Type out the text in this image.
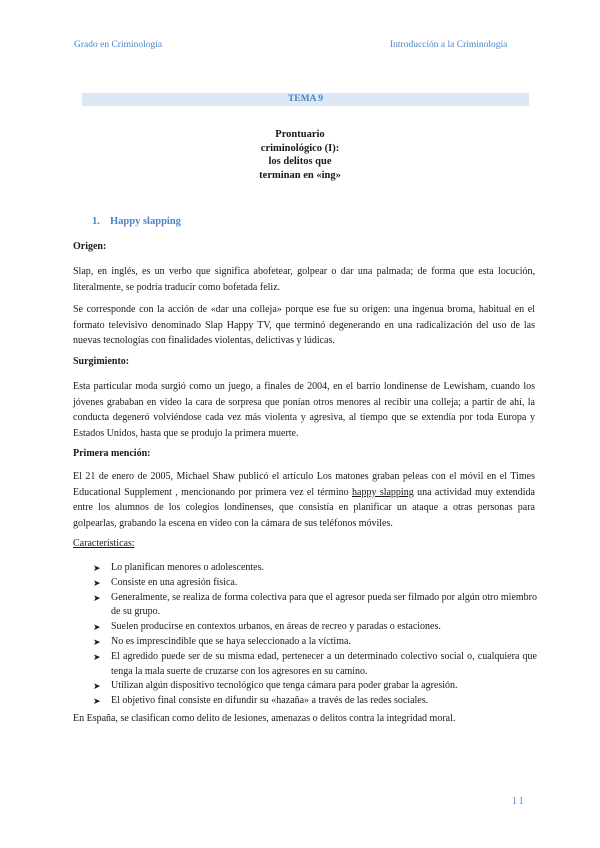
Grado en Criminología	Introducción a la Criminología
TEMA 9
Prontuario
criminológico (I):
los delitos que
terminan en «ing»
1. Happy slapping
Origen:
Slap, en inglés, es un verbo que significa abofetear, golpear o dar una palmada; de forma que esta locución, literalmente, se podría traducir como bofetada feliz.
Se corresponde con la acción de «dar una colleja» porque ese fue su origen: una ingenua broma, habitual en el formato televisivo denominado Slap Happy TV, que terminó degenerando en una radicalización del uso de las nuevas tecnologías con finalidades violentas, delictivas y lúdicas.
Surgimiento:
Esta particular moda surgió como un juego, a finales de 2004, en el barrio londinense de Lewisham, cuando los jóvenes grababan en vídeo la cara de sorpresa que ponían otros menores al recibir una colleja; a partir de ahí, la conducta degeneró volviéndose cada vez más violenta y agresiva, al tiempo que se extendía por toda Europa y Estados Unidos, hasta que se produjo la primera muerte.
Primera mención:
El 21 de enero de 2005, Michael Shaw publicó el artículo Los matones graban peleas con el móvil en el Times Educational Supplement , mencionando por primera vez el término happy slapping una actividad muy extendida entre los alumnos de los colegios londinenses, que consistía en planificar un ataque a otras personas para golpearlas, grabando la escena en vídeo con la cámara de sus teléfonos móviles.
Características:
➤ Lo planifican menores o adolescentes.
➤ Consiste en una agresión física.
➤ Generalmente, se realiza de forma colectiva para que el agresor pueda ser filmado por algún otro miembro de su grupo.
➤ Suelen producirse en contextos urbanos, en áreas de recreo y paradas o estaciones.
➤ No es imprescindible que se haya seleccionado a la víctima.
➤ El agredido puede ser de su misma edad, pertenecer a un determinado colectivo social o, cualquiera que tenga la mala suerte de cruzarse con los agresores en su camino.
➤ Utilizan algún dispositivo tecnológico que tenga cámara para poder grabar la agresión.
➤ El objetivo final consiste en difundir su «hazaña» a través de las redes sociales.
En España, se clasifican como delito de lesiones, amenazas o delitos contra la integridad moral.
11
